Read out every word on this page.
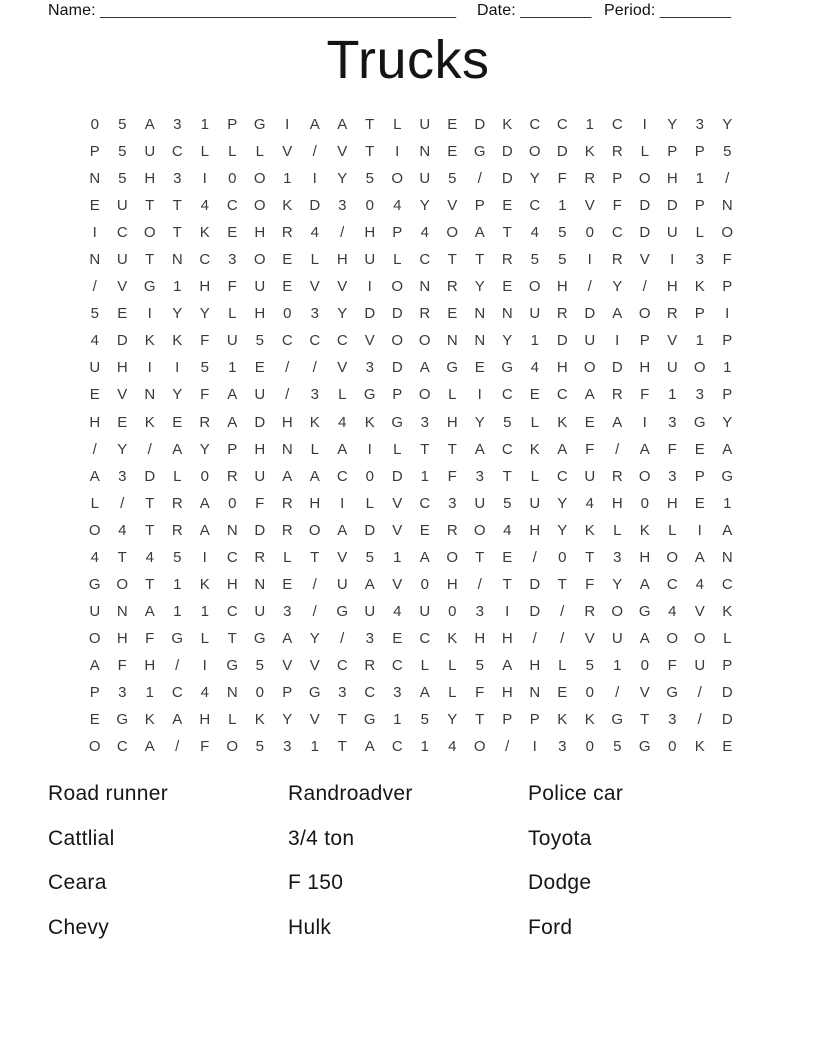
Name: ________________________________________ Date: ________ Period: ________
Trucks
0	5	A	3	1	P	G	I	A	A	T	L	U	E	D	K	C	C	1	C	I	Y	3	Y
P	5	U	C	L	L	L	V	/	V	T	I	N	E	G	D	O	D	K	R	L	P	P	5
N	5	H	3	I	0	O	1	I	Y	5	O	U	5	/	D	Y	F	R	P	O	H	1	/
E	U	T	T	4	C	O	K	D	3	0	4	Y	V	P	E	C	1	V	F	D	D	P	N
I	C	O	T	K	E	H	R	4	/	H	P	4	O	A	T	4	5	0	C	D	U	L	O
N	U	T	N	C	3	O	E	L	H	U	L	C	T	T	R	5	5	I	R	V	I	3	F
/	V	G	1	H	F	U	E	V	V	I	O	N	R	Y	E	O	H	/	Y	/	H	K	P
5	E	I	Y	Y	L	H	0	3	Y	D	D	R	E	N	N	U	R	D	A	O	R	P	I
4	D	K	K	F	U	5	C	C	C	V	O	O	N	N	Y	1	D	U	I	P	V	1	P
U	H	I	I	5	1	E	/	/	V	3	D	A	G	E	G	4	H	O	D	H	U	O	1
E	V	N	Y	F	A	U	/	3	L	G	P	O	L	I	C	E	C	A	R	F	1	3	P
H	E	K	E	R	A	D	H	K	4	K	G	3	H	Y	5	L	K	E	A	I	3	G	Y
/	Y	/	A	Y	P	H	N	L	A	I	L	T	T	A	C	K	A	F	/	A	F	E	A
A	3	D	L	0	R	U	A	A	C	0	D	1	F	3	T	L	C	U	R	O	3	P	G
L	/	T	R	A	0	F	R	H	I	L	V	C	3	U	5	U	Y	4	H	0	H	E	1
O	4	T	R	A	N	D	R	O	A	D	V	E	R	O	4	H	Y	K	L	K	L	I	A
4	T	4	5	I	C	R	L	T	V	5	1	A	O	T	E	/	0	T	3	H	O	A	N
G	O	T	1	K	H	N	E	/	U	A	V	0	H	/	T	D	T	F	Y	A	C	4	C
U	N	A	1	1	C	U	3	/	G	U	4	U	0	3	I	D	/	R	O	G	4	V	K
O	H	F	G	L	T	G	A	Y	/	3	E	C	K	H	H	/	/	V	U	A	O	O	L
A	F	H	/	I	G	5	V	V	C	R	C	L	L	5	A	H	L	5	1	0	F	U	P
P	3	1	C	4	N	0	P	G	3	C	3	A	L	F	H	N	E	0	/	V	G	/	D
E	G	K	A	H	L	K	Y	V	T	G	1	5	Y	T	P	P	K	K	G	T	3	/	D
O	C	A	/	F	O	5	3	1	T	A	C	1	4	O	/	I	3	0	5	G	0	K	E
Road runner
Cattlial
Ceara
Chevy
Randroadver
3/4 ton
F 150
Hulk
Police car
Toyota
Dodge
Ford
